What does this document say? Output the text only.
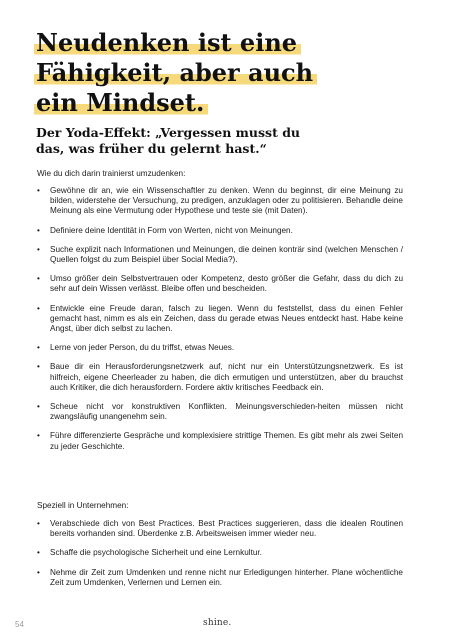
Neudenken ist eine
Fähigkeit, aber auch
ein Mindset.
Der Yoda-Effekt: „Vergessen musst du
das, was früher du gelernt hast.“

Wie du dich darin trainierst umzudenken:

• Gewöhne dir an, wie ein Wissenschaftler zu denken. Wenn du beginnst, dir eine Meinung zu bilden, widerstehe der Versuchung, zu predigen, anzuklagen oder zu politisieren. Behandle deine Meinung als eine Vermutung oder Hypothese und teste sie (mit Daten).
• Definiere deine Identität in Form von Werten, nicht von Meinungen.
• Suche explizit nach Informationen und Meinungen, die deinen konträr sind (welchen Menschen / Quellen folgst du zum Beispiel über Social Media?).
• Umso größer dein Selbstvertrauen oder Kompetenz, desto größer die Gefahr, dass du dich zu sehr auf dein Wissen verlässt. Bleibe offen und bescheiden.
• Entwickle eine Freude daran, falsch zu liegen. Wenn du feststellst, dass du einen Fehler gemacht hast, nimm es als ein Zeichen, dass du gerade etwas Neues entdeckt hast. Habe keine Angst, über dich selbst zu lachen.
• Lerne von jeder Person, du du triffst, etwas Neues.
• Baue dir ein Herausforderungsnetzwerk auf, nicht nur ein Unterstützungsnetzwerk. Es ist hilfreich, eigene Cheerleader zu haben, die dich ermutigen und unterstützen, aber du brauchst auch Kritiker, die dich herausfordern. Fordere aktiv kritisches Feedback ein.
• Scheue nicht vor konstruktiven Konflikten. Meinungsverschieden-heiten müssen nicht zwangsläufig unangenehm sein.
• Führe differenzierte Gespräche und komplexisiere strittige Themen. Es gibt mehr als zwei Seiten zu jeder Geschichte.

Speziell in Unternehmen:

• Verabschiede dich von Best Practices. Best Practices suggerieren, dass die idealen Routinen bereits vorhanden sind. Überdenke z.B. Arbeitsweisen immer wieder neu.
• Schaffe die psychologische Sicherheit und eine Lernkultur.
• Nehme dir Zeit zum Umdenken und renne nicht nur Erledigungen hinterher. Plane wöchentliche Zeit zum Umdenken, Verlernen und Lernen ein.
54	shine.
